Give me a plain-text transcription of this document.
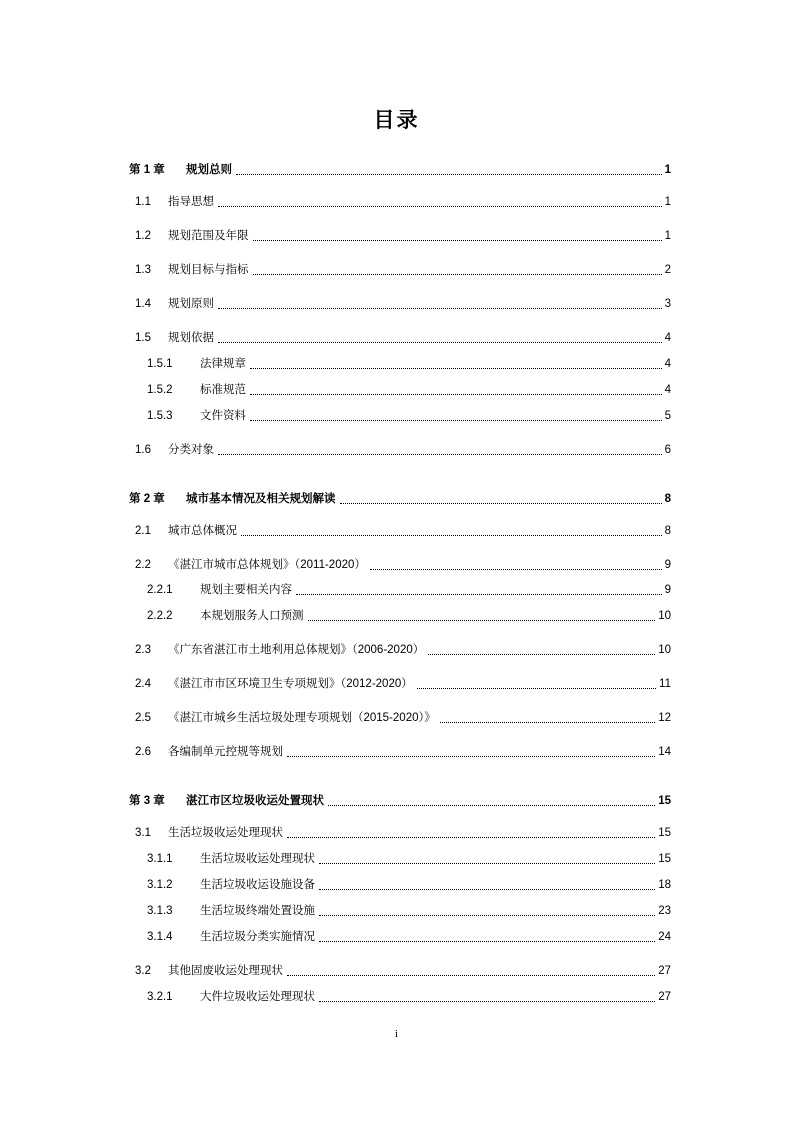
目录
第 1 章	规划总则	1
1.1	指导思想	1
1.2	规划范围及年限	1
1.3	规划目标与指标	2
1.4	规划原则	3
1.5	规划依据	4
1.5.1	法律规章	4
1.5.2	标准规范	4
1.5.3	文件资料	5
1.6	分类对象	6
第 2 章	城市基本情况及相关规划解读	8
2.1	城市总体概况	8
2.2	《湛江市城市总体规划》（2011-2020）	9
2.2.1	规划主要相关内容	9
2.2.2	本规划服务人口预测	10
2.3	《广东省湛江市土地利用总体规划》（2006-2020）	10
2.4	《湛江市市区环境卫生专项规划》（2012-2020）	11
2.5	《湛江市城乡生活垃圾处理专项规划（2015-2020）》	12
2.6	各编制单元控规等规划	14
第 3 章	湛江市区垃圾收运处置现状	15
3.1	生活垃圾收运处理现状	15
3.1.1	生活垃圾收运处理现状	15
3.1.2	生活垃圾收运设施设备	18
3.1.3	生活垃圾终端处置设施	23
3.1.4	生活垃圾分类实施情况	24
3.2	其他固废收运处理现状	27
3.2.1	大件垃圾收运处理现状	27
i
